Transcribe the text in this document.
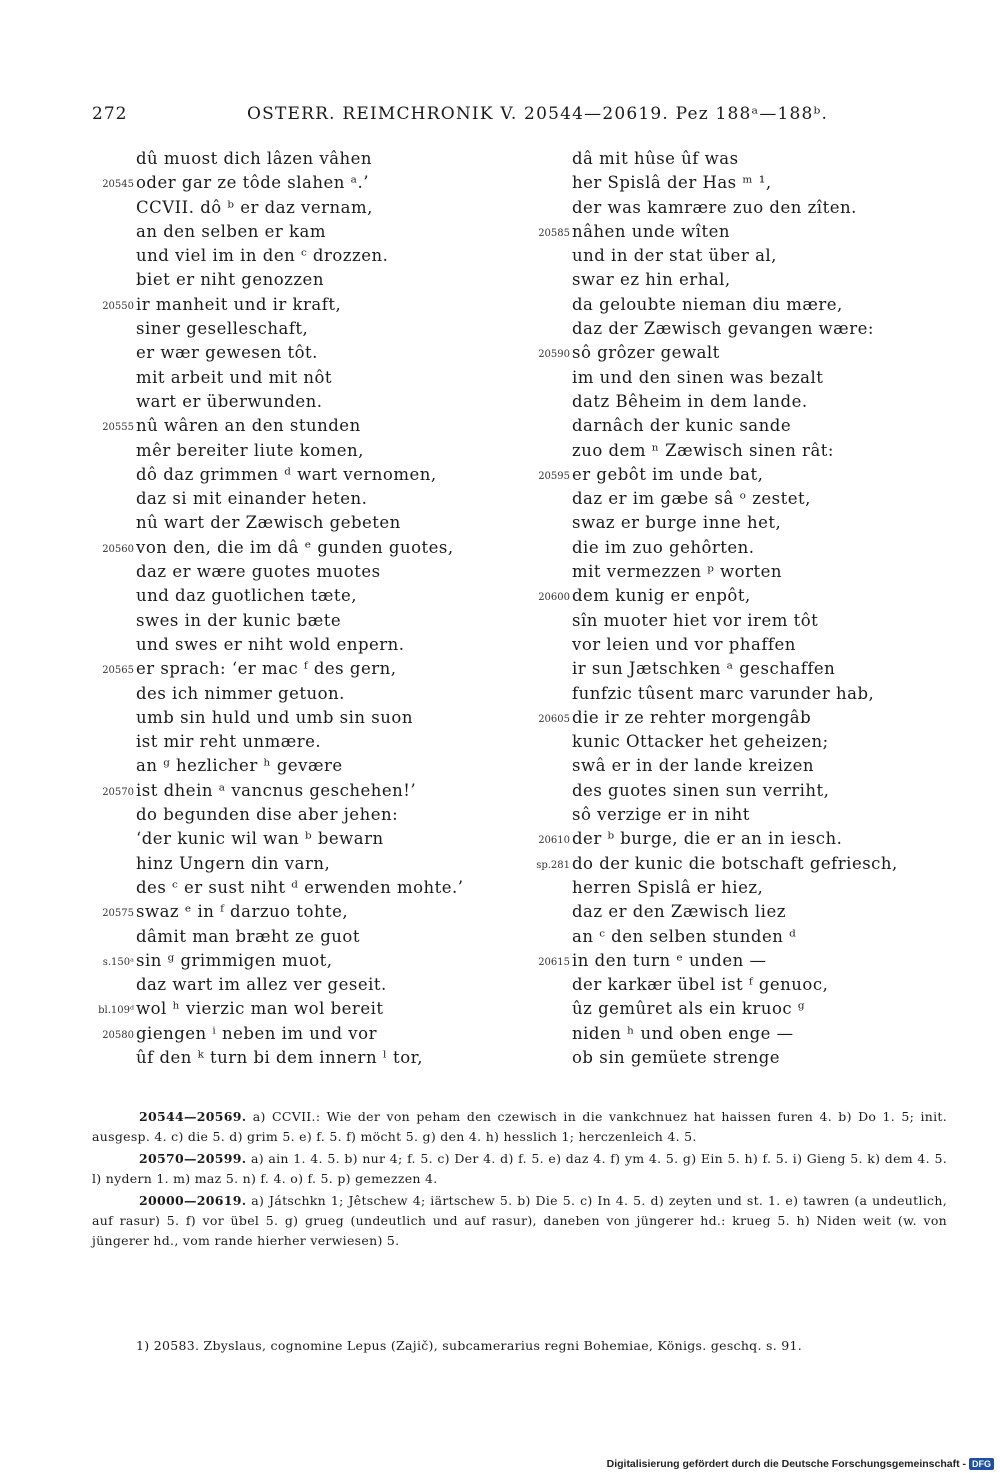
272	OSTERR. REIMCHRONIK V. 20544—20619. Pez 188ᵃ—188ᵇ.
dû muost dich lâzen vâhen
20545 oder gar ze tôde slahen ᵃ.’
CCVII. dô ᵇ er daz vernam,
an den selben er kam
und viel im in den ᶜ drozzen.
biet er niht genozzen
20550 ir manheit und ir kraft,
siner geselleschaft,
er wær gewesen tôt.
mit arbeit und mit nôt
wart er überwunden.
20555 nû wâren an den stunden
mêr bereiter liute komen,
dô daz grimmen ᵈ wart vernomen,
daz si mit einander heten.
nû wart der Zæwisch gebeten
20560 von den, die im dâ ᵉ gunden guotes,
daz er wære guotes muotes
und daz guotlichen tæte,
swes in der kunic bæte
und swes er niht wold enpern.
20565 er sprach: ‘er mac ᶠ des gern,
des ich nimmer getuon.
umb sin huld und umb sin suon
ist mir reht unmære.
an ᵍ hezlicher ʰ gevære
20570 ist dhein ᵃ vancnus geschehen!’
do begunden dise aber jehen:
‘der kunic wil wan ᵇ bewarn
hinz Ungern din varn,
des ᶜ er sust niht ᵈ erwenden mohte.’
20575 swaz ᵉ in ᶠ darzuo tohte,
dâmit man bræht ze guot
s.150ᵃ sin ᵍ grimmigen muot,
daz wart im allez ver geseit.
bl.109ᵈ wol ʰ vierzic man wol bereit
20580 giengen ⁱ neben im und vor
ûf den ᵏ turn bi dem innern ˡ tor,
dâ mit hûse ûf was
her Spislâ der Has ᵐ ¹,
der was kamrære zuo den zîten.
20585 nâhen unde wîten
und in der stat über al,
swar ez hin erhal,
da geloubte nieman diu mære,
daz der Zæwisch gevangen wære:
20590 sô grôzer gewalt
im und den sinen was bezalt
datz Bêheim in dem lande.
darnâch der kunic sande
zuo dem ⁿ Zæwisch sinen rât:
20595 er gebôt im unde bat,
daz er im gæbe sâ ᵒ zestet,
swaz er burge inne het,
die im zuo gehôrten.
mit vermezzen ᵖ worten
20600 dem kunig er enpôt,
sîn muoter hiet vor irem tôt
vor leien und vor phaffen
ir sun Jætschken ᵃ geschaffen
funfzic tûsent marc varunder hab,
20605 die ir ze rehter morgengâb
kunic Ottacker het geheizen;
swâ er in der lande kreizen
des guotes sinen sun verriht,
sô verzige er in niht
20610 der ᵇ burge, die er an in iesch.
sp.281 do der kunic die botschaft gefriesch,
herren Spislâ er hiez,
daz er den Zæwisch liez
an ᶜ den selben stunden ᵈ
20615 in den turn ᵉ unden —
der karkær übel ist ᶠ genuoc,
ûz gemûret als ein kruoc ᵍ
niden ʰ und oben enge —
ob sin gemüete strenge

20544—20569. a) CCVII.: Wie der von peham den czewisch in die vankchnuez hat haissen furen 4. b) Do 1. 5; init. ausgesp. 4. c) die 5. d) grim 5. e) f. 5. f) möcht 5. g) den 4. h) hesslich 1; herczenleich 4. 5.

20570—20599. a) ain 1. 4. 5. b) nur 4; f. 5. c) Der 4. d) f. 5. e) daz 4. f) ym 4. 5. g) Ein 5. h) f. 5. i) Gieng 5. k) dem 4. 5. l) nydern 1. m) maz 5. n) f. 4. o) f. 5. p) gemezzen 4.

20000—20619. a) Játschkn 1; Jêtschew 4; iärtschew 5. b) Die 5. c) In 4. 5. d) zeyten und st. 1. e) tawren (a undeutlich, auf rasur) 5. f) vor übel 5. g) grueg (undeutlich und auf rasur), daneben von jüngerer hd.: krueg 5. h) Niden weit (w. von jüngerer hd., vom rande hierher verwiesen) 5.

1) 20583. Zbyslaus, cognomine Lepus (Zajič), subcamerarius regni Bohemiae, Königs. geschq. s. 91.
Digitalisierung gefördert durch die Deutsche Forschungsgemeinschaft - DFG
